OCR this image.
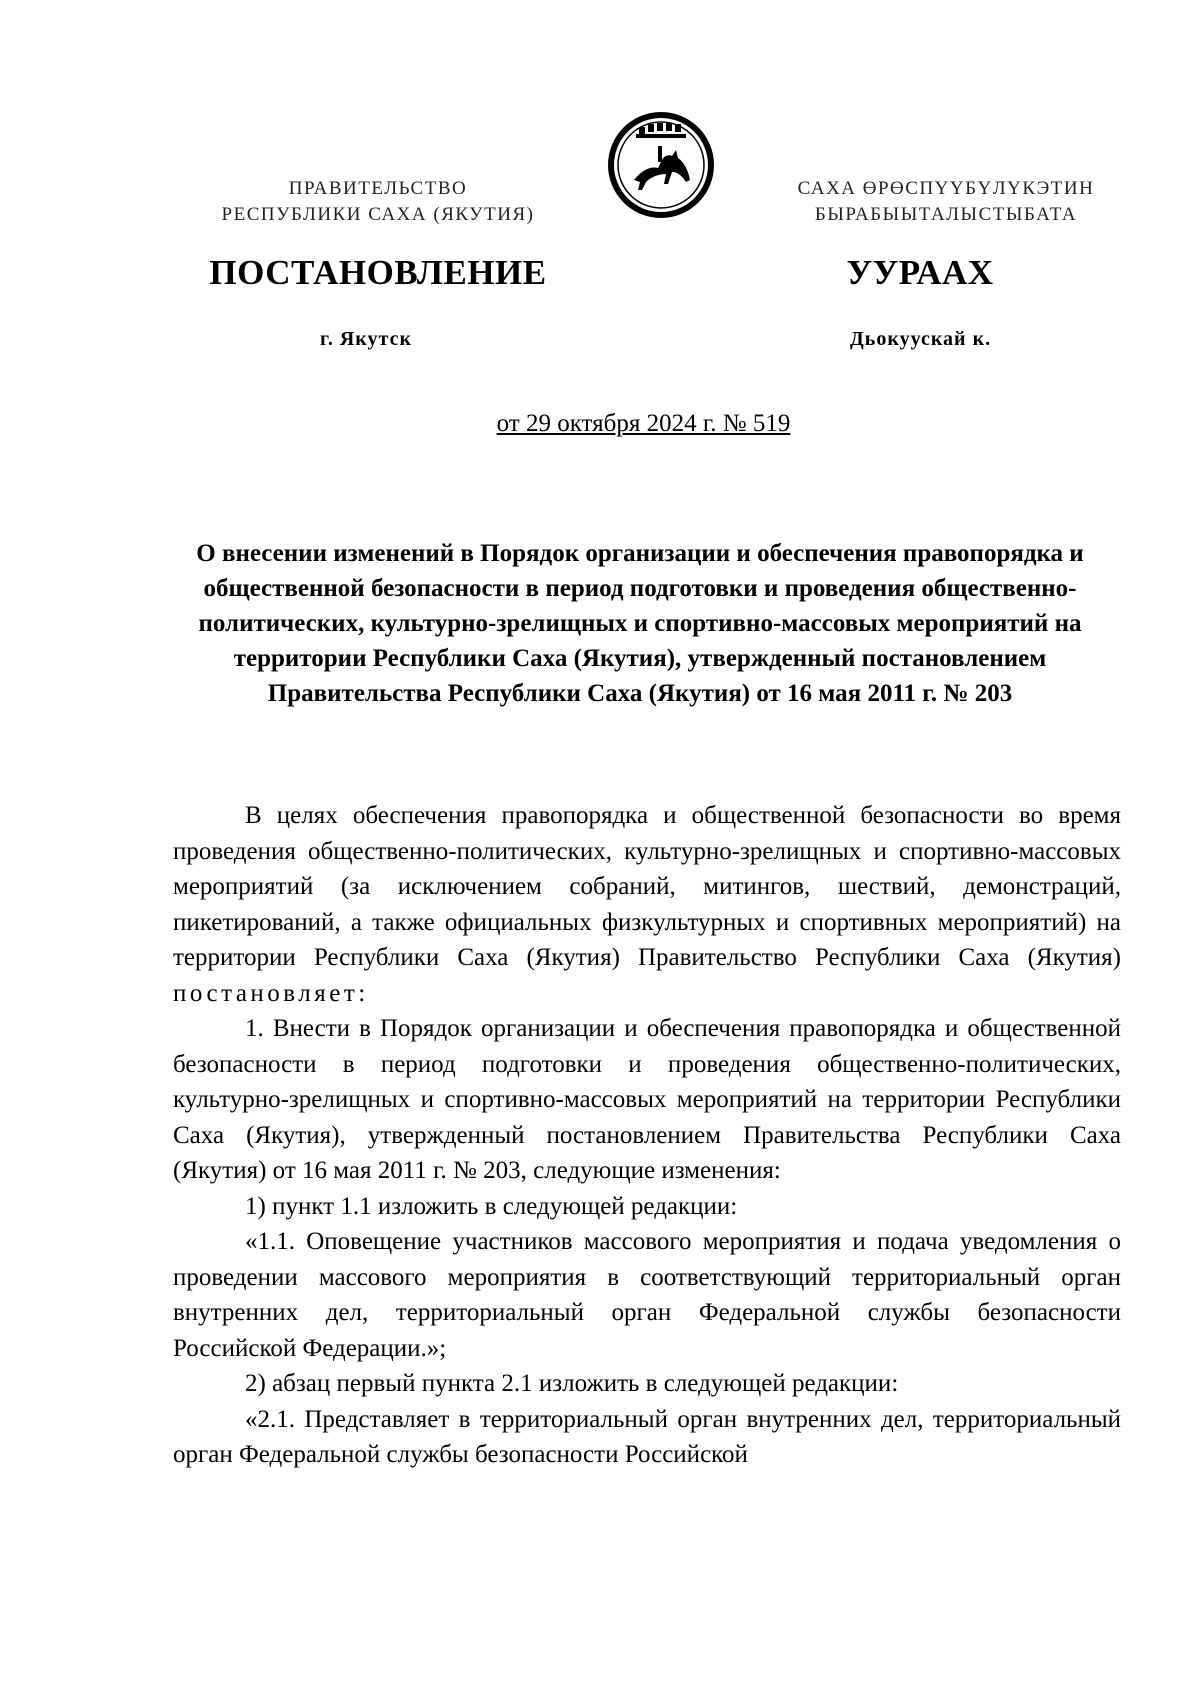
ПРАВИТЕЛЬСТВО
РЕСПУБЛИКИ САХА (ЯКУТИЯ)
САХА ӨРӨСПҮҮБҮЛҮКЭТИН
БЫРАБЫЫТАЛЫСТЫБАТА
ПОСТАНОВЛЕНИЕ	УУРААХ
г. Якутск	Дьокуускай к.
от 29 октября 2024 г. № 519
О внесении изменений в Порядок организации и обеспечения правопорядка и общественной безопасности в период подготовки и проведения общественно-политических, культурно-зрелищных и спортивно-массовых мероприятий на территории Республики Саха (Якутия), утвержденный постановлением Правительства Республики Саха (Якутия) от 16 мая 2011 г. № 203

В целях обеспечения правопорядка и общественной безопасности во время проведения общественно-политических, культурно-зрелищных и спортивно-массовых мероприятий (за исключением собраний, митингов, шествий, демонстраций, пикетирований, а также официальных физкультурных и спортивных мероприятий) на территории Республики Саха (Якутия) Правительство Республики Саха (Якутия) постановляет:

1. Внести в Порядок организации и обеспечения правопорядка и общественной безопасности в период подготовки и проведения общественно-политических, культурно-зрелищных и спортивно-массовых мероприятий на территории Республики Саха (Якутия), утвержденный постановлением Правительства Республики Саха (Якутия) от 16 мая 2011 г. № 203, следующие изменения:

1) пункт 1.1 изложить в следующей редакции:

«1.1. Оповещение участников массового мероприятия и подача уведомления о проведении массового мероприятия в соответствующий территориальный орган внутренних дел, территориальный орган Федеральной службы безопасности Российской Федерации.»;

2) абзац первый пункта 2.1 изложить в следующей редакции:

«2.1. Представляет в территориальный орган внутренних дел, территориальный орган Федеральной службы безопасности Российской
